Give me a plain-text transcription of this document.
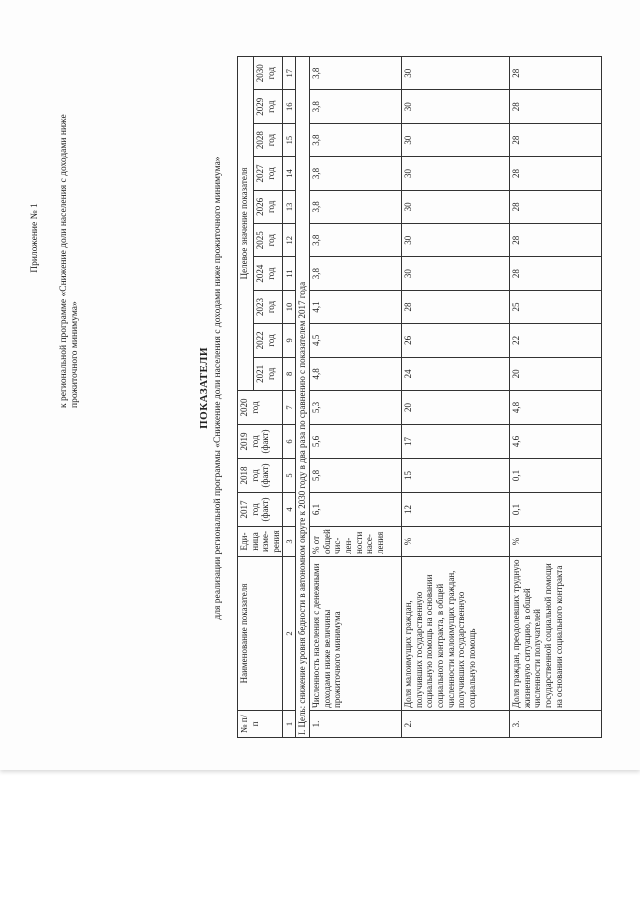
Приложение № 1 к региональной программе «Снижение доли населения с доходами ниже прожиточного минимума»	ПОКАЗАТЕЛИ для реализации региональной программы «Снижение доли населения с доходами ниже прожиточного минимума»
№ п/п	Наименование показателя	Еди-ница изме-рения	2017 год (факт)	2018 год (факт)	2019 год (факт)	2020 год	Целевое значение показателя									
							2021 год	2022 год	2023 год	2024 год	2025 год	2026 год	2027 год	2028 год	2029 год	2030 год
1	2	3	4	5	6	7	8	9	10	11	12	13	14	15	16	17
I. Цель: снижение уровня бедности в автономном округе к 2030 году в два раза по сравнению с показателем 2017 года																
1.	Численность населения с денежными доходами ниже величины прожиточного минимума	% от общей чис-лен-ности насе-ления	6,1	5,8	5,6	5,3	4,8	4,5	4,1	3,8	3,8	3,8	3,8	3,8	3,8	3,8
2.	Доля малоимущих граждан, получивших государственную социальную помощь на основании социального контракта, в общей численности малоимущих граждан, получивших государственную социальную помощь	%	12	15	17	20	24	26	28	30	30	30	30	30	30	30
3.	Доля граждан, преодолевших трудную жизненную ситуацию, в общей численности получателей государственной социальной помощи на основании социального контракта	%	0,1	0,1	4,6	4,8	20	22	25	28	28	28	28	28	28	28
